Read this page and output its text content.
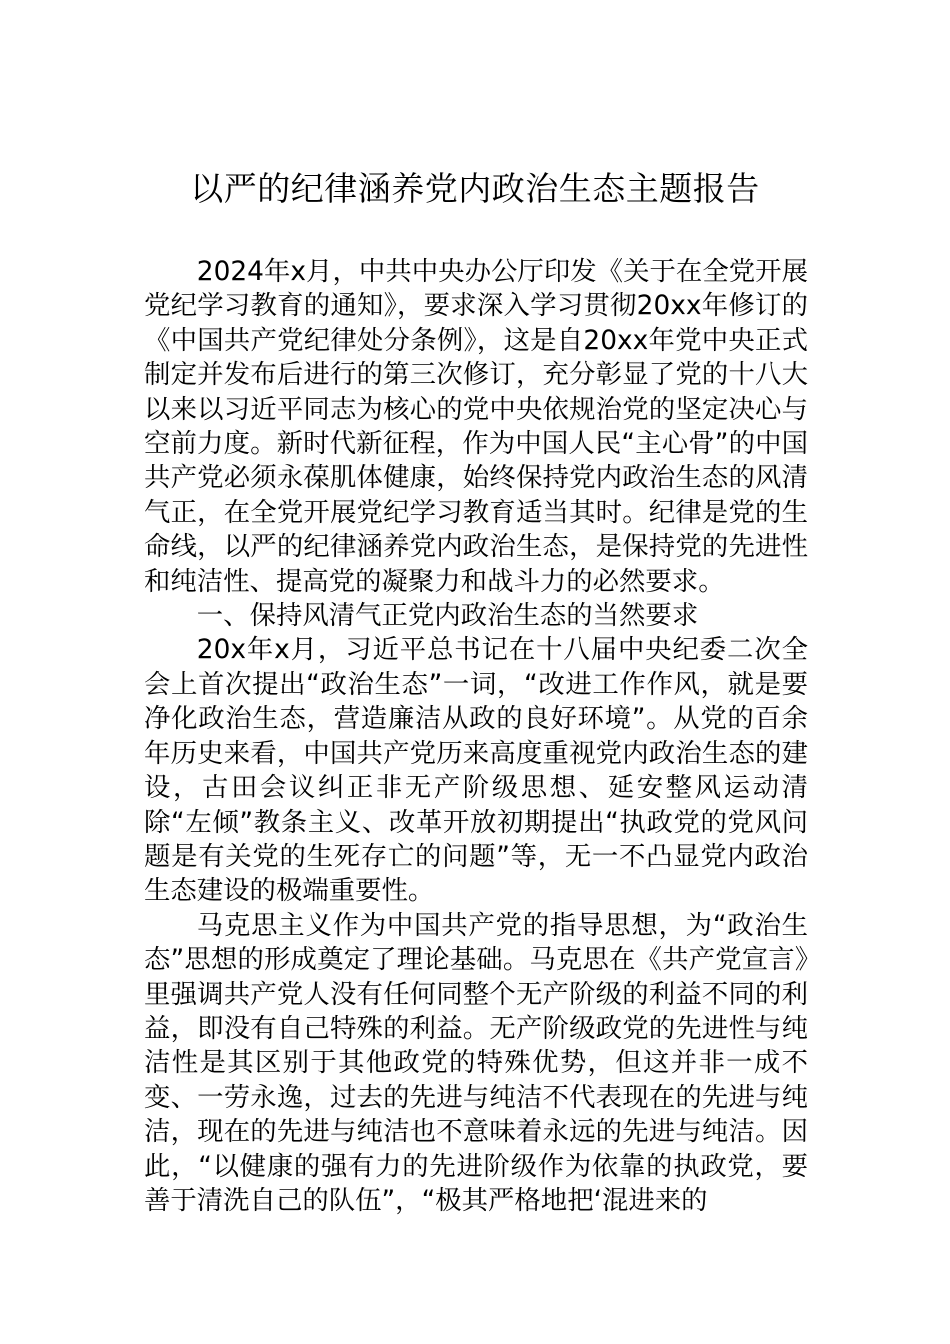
以严的纪律涵养党内政治生态主题报告

2024年x月，中共中央办公厅印发《关于在全党开展党纪学习教育的通知》，要求深入学习贯彻20xx年修订的《中国共产党纪律处分条例》，这是自20xx年党中央正式制定并发布后进行的第三次修订，充分彰显了党的十八大以来以习近平同志为核心的党中央依规治党的坚定决心与空前力度。新时代新征程，作为中国人民“主心骨”的中国共产党必须永葆肌体健康，始终保持党内政治生态的风清气正，在全党开展党纪学习教育适当其时。纪律是党的生命线，以严的纪律涵养党内政治生态，是保持党的先进性和纯洁性、提高党的凝聚力和战斗力的必然要求。

一、保持风清气正党内政治生态的当然要求

20x年x月，习近平总书记在十八届中央纪委二次全会上首次提出“政治生态”一词，“改进工作作风，就是要净化政治生态，营造廉洁从政的良好环境”。从党的百余年历史来看，中国共产党历来高度重视党内政治生态的建设，古田会议纠正非无产阶级思想、延安整风运动清除“左倾”教条主义、改革开放初期提出“执政党的党风问题是有关党的生死存亡的问题”等，无一不凸显党内政治生态建设的极端重要性。

马克思主义作为中国共产党的指导思想，为“政治生态”思想的形成奠定了理论基础。马克思在《共产党宣言》里强调共产党人没有任何同整个无产阶级的利益不同的利益，即没有自己特殊的利益。无产阶级政党的先进性与纯洁性是其区别于其他政党的特殊优势，但这并非一成不变、一劳永逸，过去的先进与纯洁不代表现在的先进与纯洁，现在的先进与纯洁也不意味着永远的先进与纯洁。因此，“以健康的强有力的先进阶级作为依靠的执政党，要善于清洗自己的队伍”，“极其严格地把‘混进来的
